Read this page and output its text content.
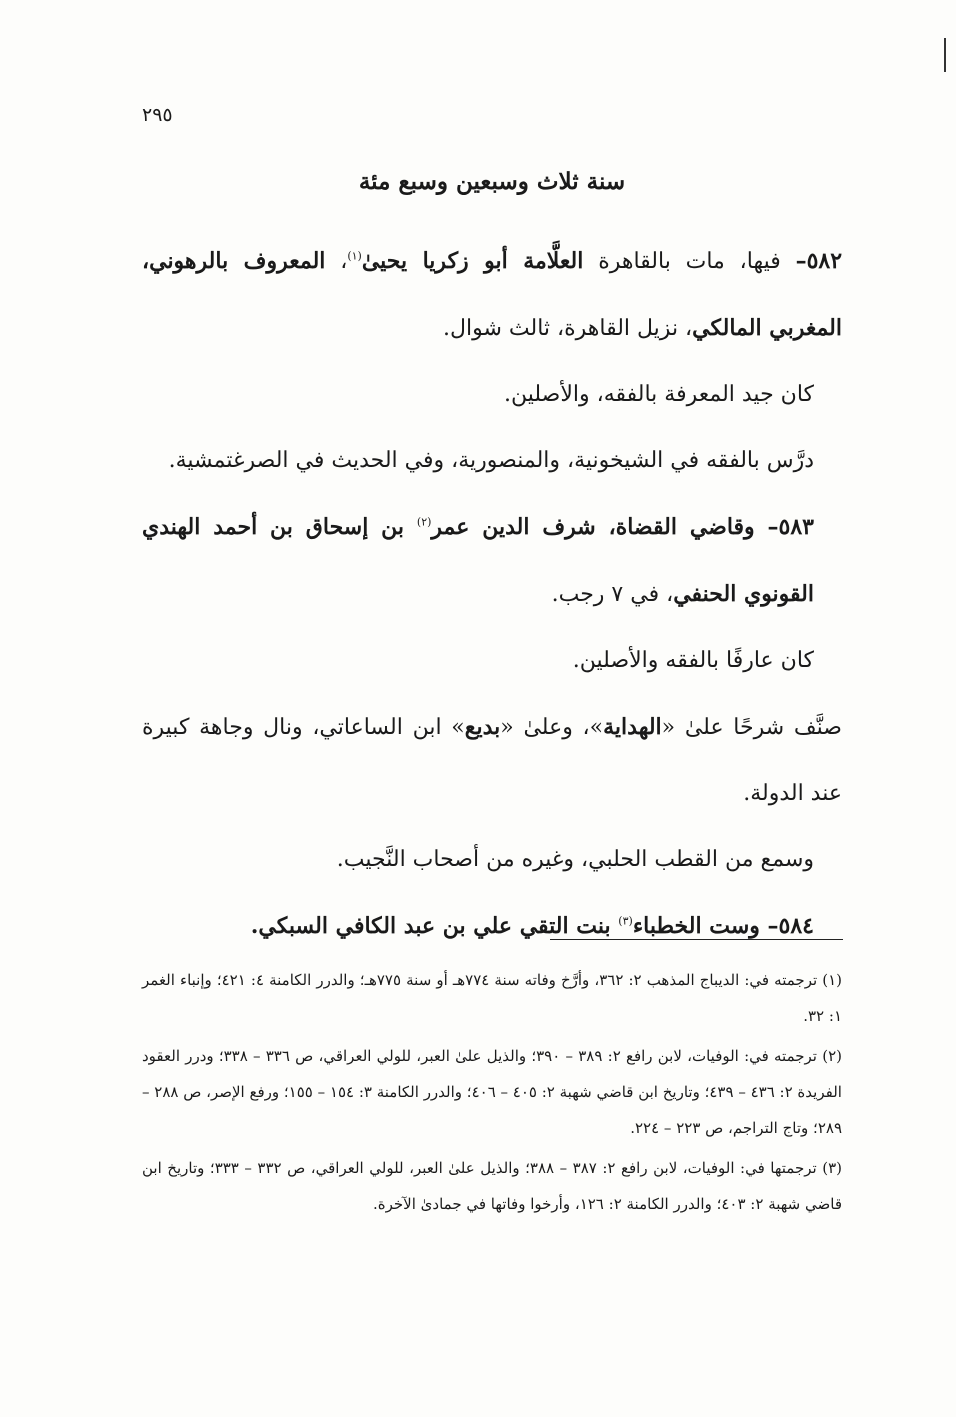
٢٩٥
سنة ثلاث وسبعين وسبع مئة

٥٨٢– فيها، مات بالقاهرة العلَّامة أبو زكريا يحيىٰ$^{(١)}$، المعروف بالرهوني، المغربي المالكي، نزيل القاهرة، ثالث شوال.

كان جيد المعرفة بالفقه، والأصلين.

درَّس بالفقه في الشيخونية، والمنصورية، وفي الحديث في الصرغتمشية.

٥٨٣– وقاضي القضاة، شرف الدين عمر$^{(٢)}$ بن إسحاق بن أحمد الهندي القونوي الحنفي، في ٧ رجب.

كان عارفًا بالفقه والأصلين.

صنَّف شرحًا علىٰ «الهداية»، وعلىٰ «بديع» ابن الساعاتي، ونال وجاهة كبيرة عند الدولة.

وسمع من القطب الحلبي، وغيره من أصحاب النَّجيب.

٥٨٤– وست الخطباء$^{(٣)}$ بنت التقي علي بن عبد الكافي السبكي.

(١) ترجمته في: الديباج المذهب ٢: ٣٦٢، وأرَّخ وفاته سنة ٧٧٤هـ أو سنة ٧٧٥هـ؛ والدرر الكامنة ٤: ٤٢١؛ وإنباء الغمر ١: ٣٢.

(٢) ترجمته في: الوفيات، لابن رافع ٢: ٣٨٩ – ٣٩٠؛ والذيل علىٰ العبر، للولي العراقي، ص ٣٣٦ – ٣٣٨؛ ودرر العقود الفريدة ٢: ٤٣٦ – ٤٣٩؛ وتاريخ ابن قاضي شهبة ٢: ٤٠٥ – ٤٠٦؛ والدرر الكامنة ٣: ١٥٤ – ١٥٥؛ ورفع الإصر، ص ٢٨٨ – ٢٨٩؛ وتاج التراجم، ص ٢٢٣ – ٢٢٤.

(٣) ترجمتها في: الوفيات، لابن رافع ٢: ٣٨٧ – ٣٨٨؛ والذيل علىٰ العبر، للولي العراقي، ص ٣٣٢ – ٣٣٣؛ وتاريخ ابن قاضي شهبة ٢: ٤٠٣؛ والدرر الكامنة ٢: ١٢٦، وأرخوا وفاتها في جمادىٰ الآخرة.
